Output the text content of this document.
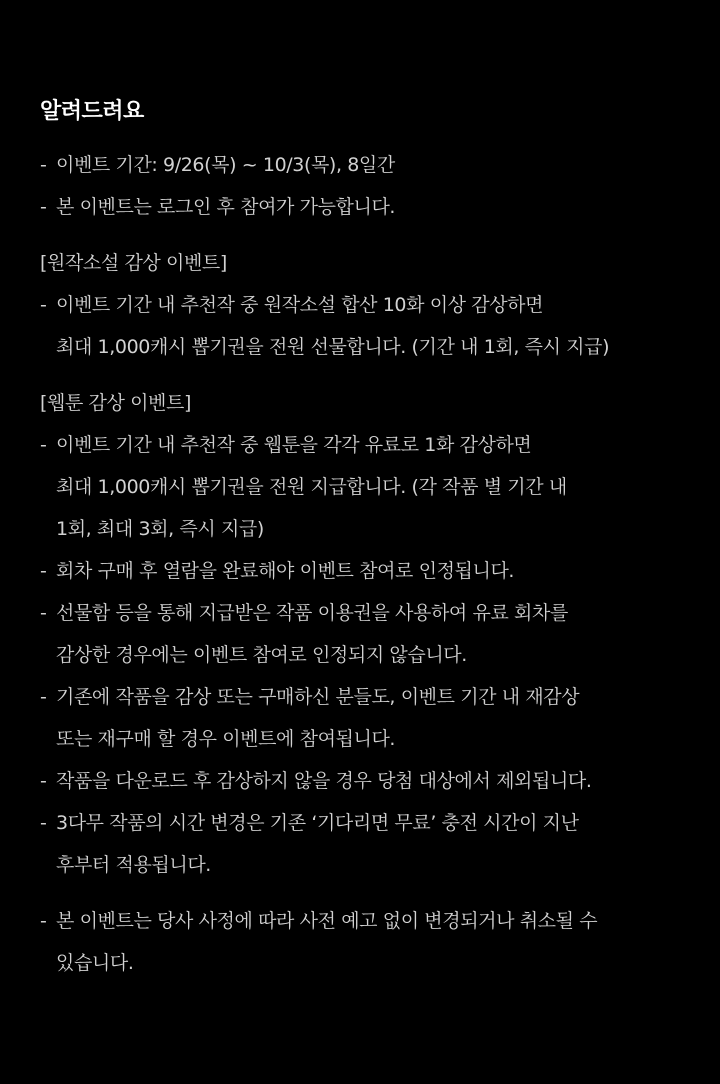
알려드려요
- 이벤트 기간: 9/26(목) ~ 10/3(목), 8일간
- 본 이벤트는 로그인 후 참여가 가능합니다.
[원작소설 감상 이벤트]
- 이벤트 기간 내 추천작 중 원작소설 합산 10화 이상 감상하면
최대 1,000캐시 뽑기권을 전원 선물합니다. (기간 내 1회, 즉시 지급)
[웹툰 감상 이벤트]
- 이벤트 기간 내 추천작 중 웹툰을 각각 유료로 1화 감상하면
최대 1,000캐시 뽑기권을 전원 지급합니다. (각 작품 별 기간 내
1회, 최대 3회, 즉시 지급)
- 회차 구매 후 열람을 완료해야 이벤트 참여로 인정됩니다.
- 선물함 등을 통해 지급받은 작품 이용권을 사용하여 유료 회차를
감상한 경우에는 이벤트 참여로 인정되지 않습니다.
- 기존에 작품을 감상 또는 구매하신 분들도, 이벤트 기간 내 재감상
또는 재구매 할 경우 이벤트에 참여됩니다.
- 작품을 다운로드 후 감상하지 않을 경우 당첨 대상에서 제외됩니다.
- 3다무 작품의 시간 변경은 기존 ‘기다리면 무료’ 충전 시간이 지난
후부터 적용됩니다.
- 본 이벤트는 당사 사정에 따라 사전 예고 없이 변경되거나 취소될 수
있습니다.
